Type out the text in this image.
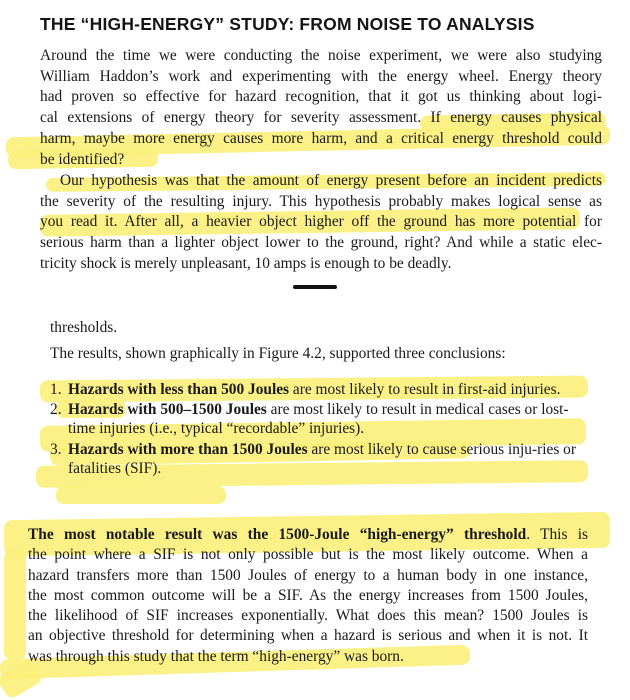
THE “HIGH-ENERGY” STUDY: FROM NOISE TO ANALYSIS

Around the time we were conducting the noise experiment, we were also studying
William Haddon’s work and experimenting with the energy wheel. Energy theory
had proven so effective for hazard recognition, that it got us thinking about logi-
cal extensions of energy theory for severity assessment. If energy causes physical
harm, maybe more energy causes more harm, and a critical energy threshold could
be identified?

Our hypothesis was that the amount of energy present before an incident predicts
the severity of the resulting injury. This hypothesis probably makes logical sense as
you read it. After all, a heavier object higher off the ground has more potential for
serious harm than a lighter object lower to the ground, right? And while a static elec-
tricity shock is merely unpleasant, 10 amps is enough to be deadly.

thresholds.

The results, shown graphically in Figure 4.2, supported three conclusions:

1. Hazards with less than 500 Joules are most likely to result in first-aid injuries.
2. Hazards with 500–1500 Joules are most likely to result in medical cases or lost-time injuries (i.e., typical “recordable” injuries).
3. Hazards with more than 1500 Joules are most likely to cause serious inju-ries or fatalities (SIF).

The most notable result was the 1500-Joule “high-energy” threshold. This is
the point where a SIF is not only possible but is the most likely outcome. When a
hazard transfers more than 1500 Joules of energy to a human body in one instance,
the most common outcome will be a SIF. As the energy increases from 1500 Joules,
the likelihood of SIF increases exponentially. What does this mean? 1500 Joules is
an objective threshold for determining when a hazard is serious and when it is not. It
was through this study that the term “high-energy” was born.
